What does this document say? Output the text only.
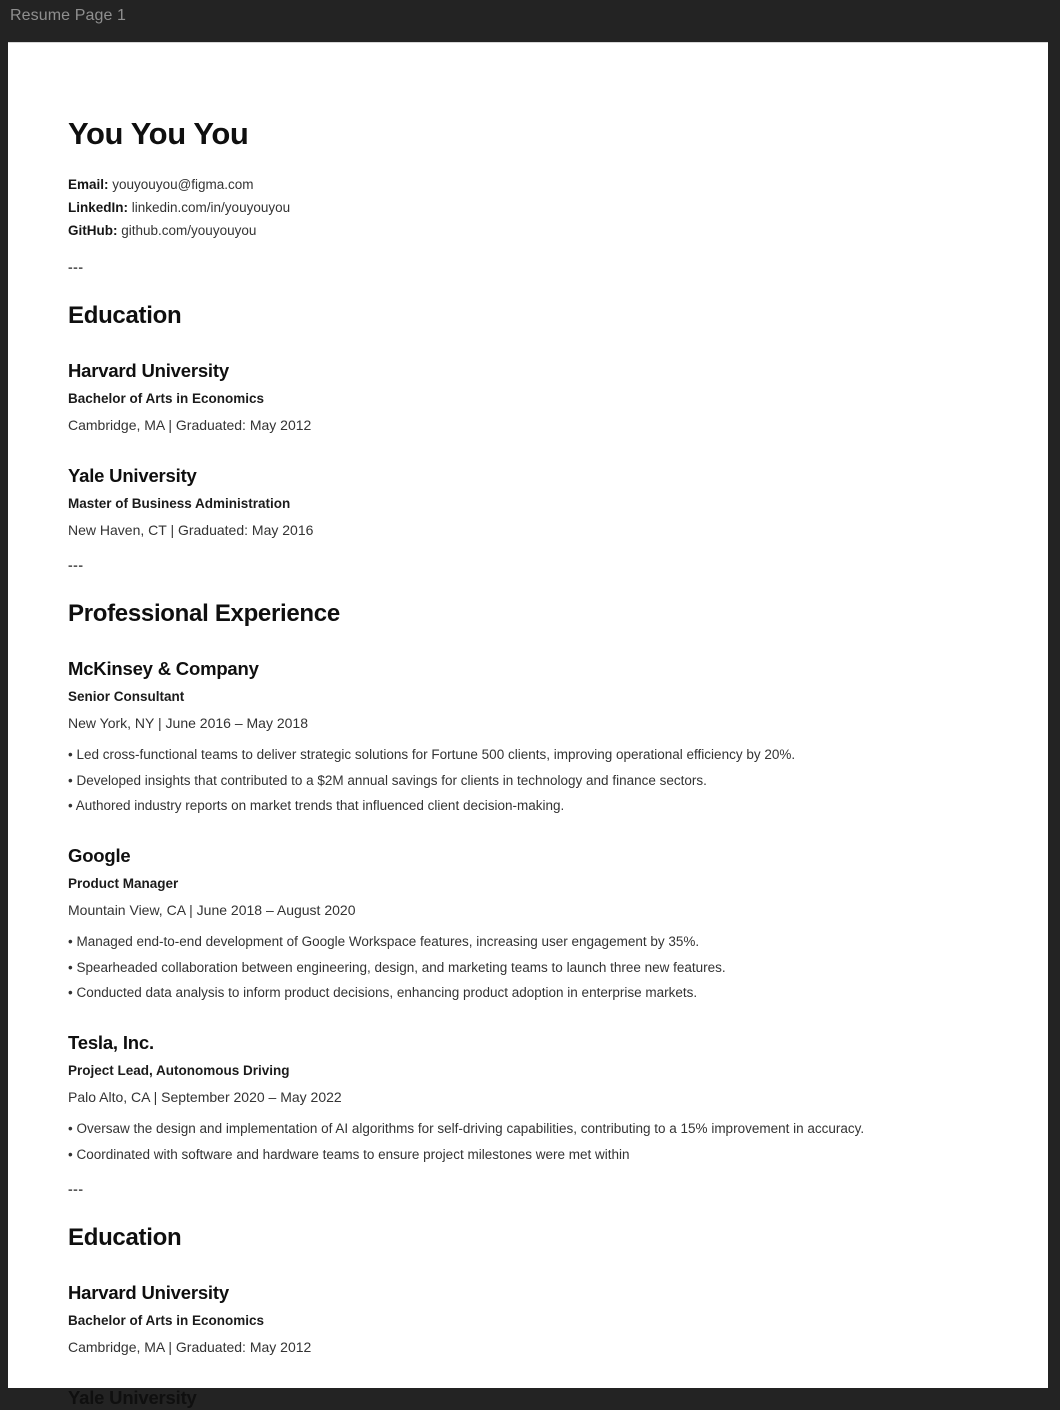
Resume Page 1
You You You

Email: youyouyou@figma.com

LinkedIn: linkedin.com/in/youyouyou

GitHub: github.com/youyouyou

---

Education
Harvard University

Bachelor of Arts in Economics

Cambridge, MA | Graduated: May 2012

Yale University

Master of Business Administration

New Haven, CT | Graduated: May 2016

---

Professional Experience
McKinsey & Company

Senior Consultant

New York, NY | June 2016 – May 2018

• Led cross-functional teams to deliver strategic solutions for Fortune 500 clients, improving operational efficiency by 20%.
• Developed insights that contributed to a $2M annual savings for clients in technology and finance sectors.
• Authored industry reports on market trends that influenced client decision-making.
Google

Product Manager

Mountain View, CA | June 2018 – August 2020

• Managed end-to-end development of Google Workspace features, increasing user engagement by 35%.
• Spearheaded collaboration between engineering, design, and marketing teams to launch three new features.
• Conducted data analysis to inform product decisions, enhancing product adoption in enterprise markets.
Tesla, Inc.

Project Lead, Autonomous Driving

Palo Alto, CA | September 2020 – May 2022

• Oversaw the design and implementation of AI algorithms for self-driving capabilities, contributing to a 15% improvement in accuracy.
• Coordinated with software and hardware teams to ensure project milestones were met within

---

Education
Harvard University

Bachelor of Arts in Economics

Cambridge, MA | Graduated: May 2012

Yale University
